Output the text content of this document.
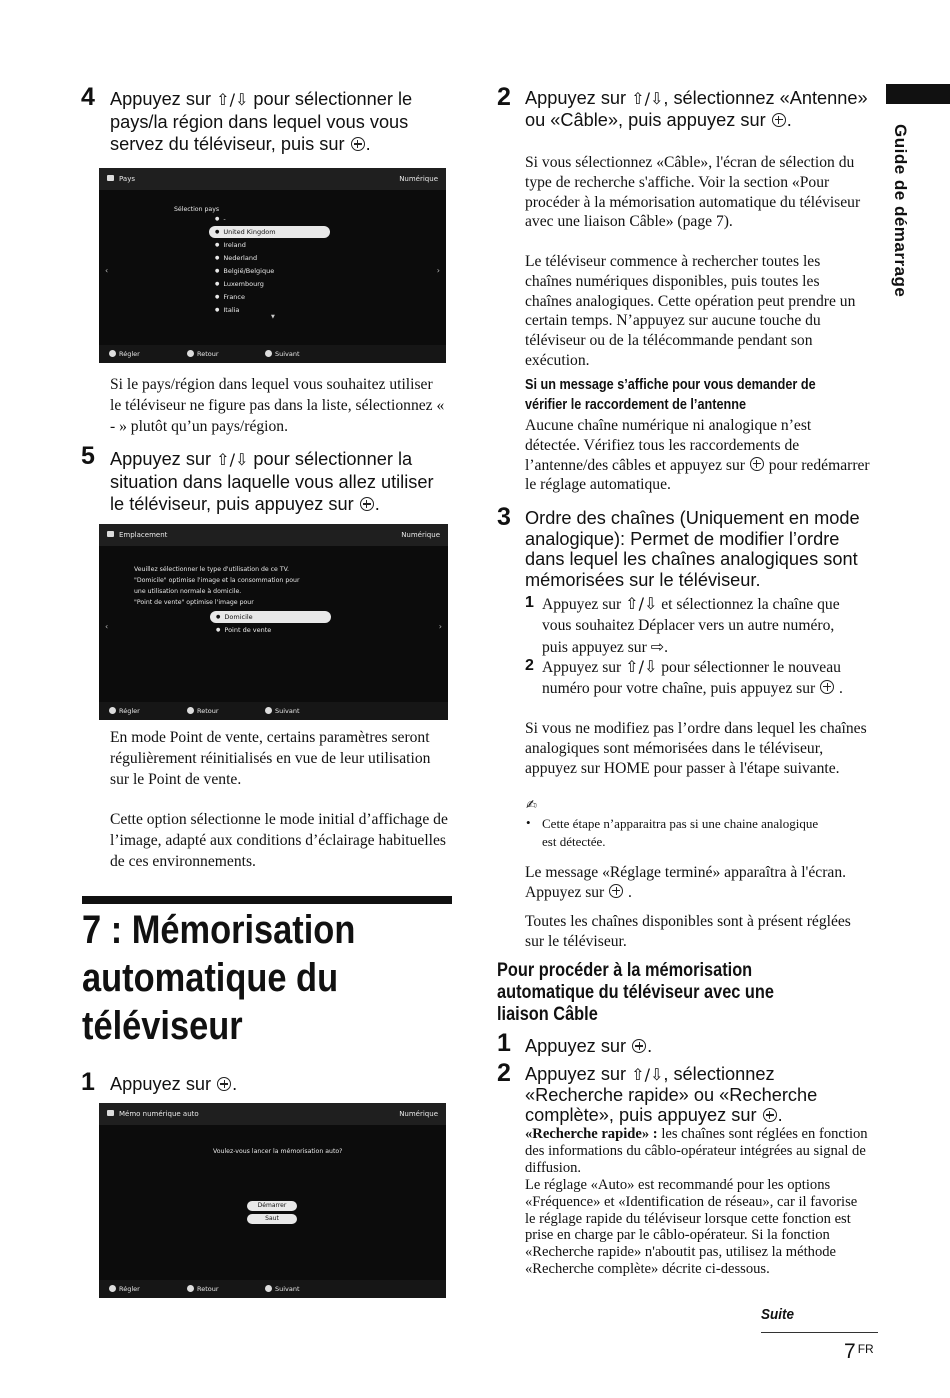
Guide de démarrage
4 Appuyez sur ⇧/⇩ pour sélectionner le pays/la région dans lequel vous vous servez du téléviseur, puis sur .
Pays	Numérique
Sélection pays
● -
● United Kingdom
● Ireland
● Nederland
● België/Belgique
● Luxembourg
● France
● Italia
▼
‹	›
Régler	Retour	Suivant
Si le pays/région dans lequel vous souhaitez utiliser le téléviseur ne figure pas dans la liste, sélectionnez « - » plutôt qu’un pays/région.
5 Appuyez sur ⇧/⇩ pour sélectionner la situation dans laquelle vous allez utiliser le téléviseur, puis appuyez sur .
Emplacement	Numérique
Veuillez sélectionner le type d'utilisation de ce TV.
"Domicile" optimise l'image et la consommation pour
une utilisation normale à domicile.
"Point de vente" optimise l'image pour
● Domicile
● Point de vente
‹	›
Régler	Retour	Suivant
En mode Point de vente, certains paramètres seront régulièrement réinitialisés en vue de leur utilisation sur le Point de vente.
Cette option sélectionne le mode initial d’affichage de l’image, adapté aux conditions d’éclairage habituelles de ces environnements.
7 : Mémorisation
automatique du
téléviseur
1 Appuyez sur .
Mémo numérique auto	Numérique
Voulez-vous lancer la mémorisation auto?
Démarrer
Saut
Régler	Retour	Suivant
2 Appuyez sur ⇧/⇩, sélectionnez «Antenne» ou «Câble», puis appuyez sur .
Si vous sélectionnez «Câble», l'écran de sélection du type de recherche s'affiche. Voir la section «Pour procéder à la mémorisation automatique du téléviseur avec une liaison Câble» (page 7).
Le téléviseur commence à rechercher toutes les chaînes numériques disponibles, puis toutes les chaînes analogiques. Cette opération peut prendre un certain temps. N’appuyez sur aucune touche du téléviseur ou de la télécommande pendant son exécution.
Si un message s’affiche pour vous demander de
vérifier le raccordement de l’antenne
Aucune chaîne numérique ni analogique n’est détectée. Vérifiez tous les raccordements de l’antenne/des câbles et appuyez sur  pour redémarrer le réglage automatique.
3 Ordre des chaînes (Uniquement en mode analogique): Permet de modifier l’ordre dans lequel les chaînes analogiques sont mémorisées sur le téléviseur.
1 Appuyez sur ⇧/⇩ et sélectionnez la chaîne que vous souhaitez Déplacer vers un autre numéro, puis appuyez sur ⇨.
2 Appuyez sur ⇧/⇩ pour sélectionner le nouveau numéro pour votre chaîne, puis appuyez sur  .
Si vous ne modifiez pas l’ordre dans lequel les chaînes analogiques sont mémorisées dans le téléviseur, appuyez sur HOME pour passer à l'étape suivante.
✍
• Cette étape n’apparaitra pas si une chaine analogique est détectée.
Le message «Réglage terminé» apparaîtra à l'écran. Appuyez sur  .
Toutes les chaînes disponibles sont à présent réglées sur le téléviseur.
Pour procéder à la mémorisation
automatique du téléviseur avec une
liaison Câble
1 Appuyez sur .
2 Appuyez sur ⇧/⇩, sélectionnez «Recherche rapide» ou «Recherche complète», puis appuyez sur .
«Recherche rapide» : les chaînes sont réglées en fonction des informations du câblo-opérateur intégrées au signal de diffusion.
Le réglage «Auto» est recommandé pour les options «Fréquence» et «Identification de réseau», car il favorise le réglage rapide du téléviseur lorsque cette fonction est prise en charge par le câblo-opérateur. Si la fonction «Recherche rapide» n'aboutit pas, utilisez la méthode «Recherche complète» décrite ci-dessous.
Suite
7 $^{FR}$
